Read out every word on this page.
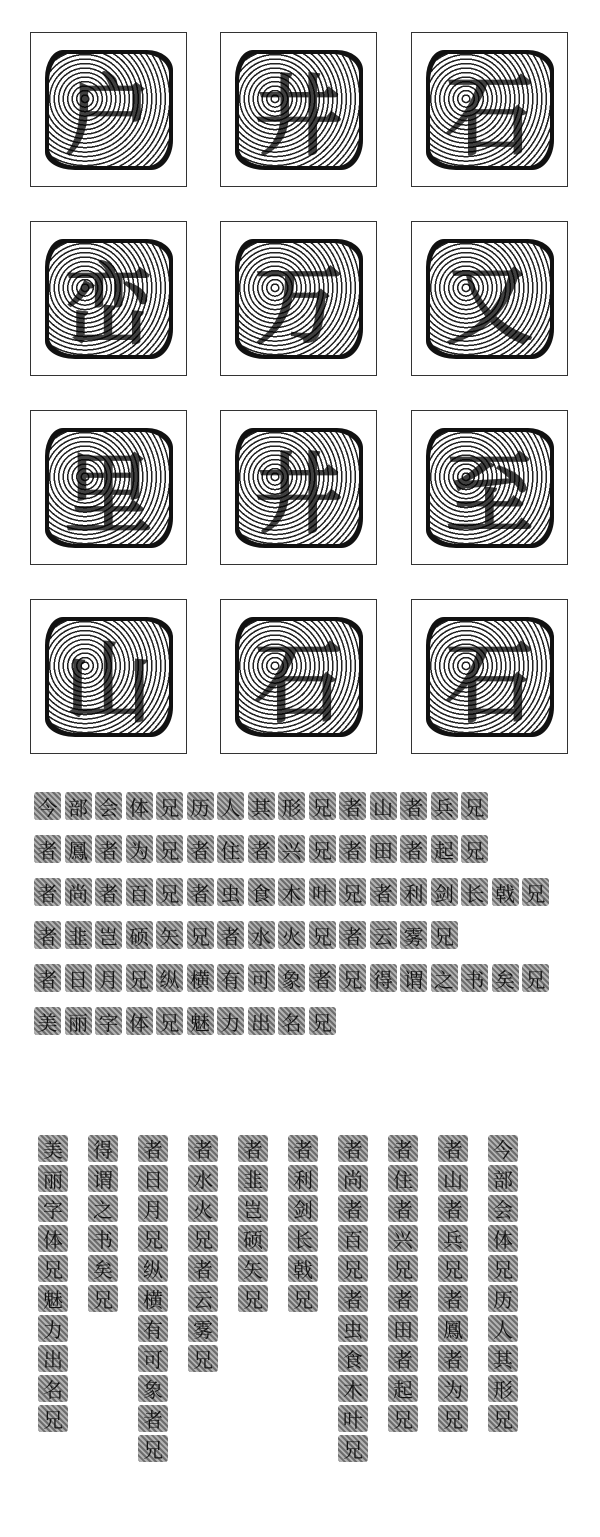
户 井 石
峦 万 又
里 井 至
山 石 石
今 部 会 体 兄 历 人 其 形 兄 者 山 者 兵 兄
者 鳳 者 为 兄 者 住 者 兴 兄 者 田 者 起 兄
者 尚 者 百 兄 者 虫 食 木 叶 兄 者 利 剑 长 戟 兄
者 韭 岂 硕 矢 兄 者 水 火 兄 者 云 雾 兄
者 日 月 兄 纵 横 有 可 象 者 兄 得 谓 之 书 矣 兄
美 丽 字 体 兄 魅 力 出 名 兄
美
丽
字
体
兄
魅
力
出
名
兄
得
谓
之
书
矣
兄
者
日
月
兄
纵
横
有
可
象
者
兄
者
水
火
兄
者
云
雾
兄
者
韭
岂
硕
矢
兄
者
利
剑
长
戟
兄
者
尚
者
百
兄
者
虫
食
木
叶
兄
者
住
者
兴
兄
者
田
者
起
兄
者
山
者
兵
兄
者
鳳
者
为
兄
今
部
会
体
兄
历
人
其
形
兄
